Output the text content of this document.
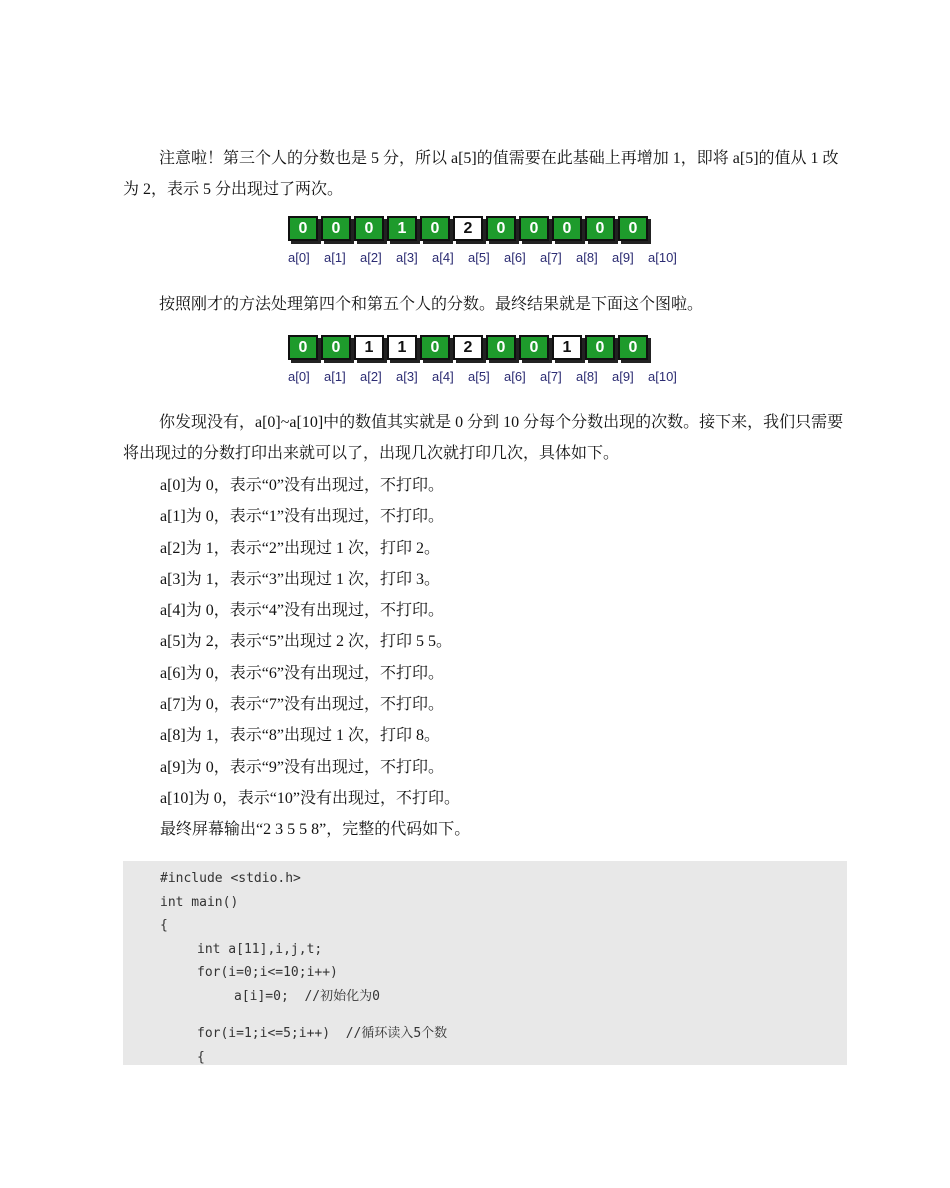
注意啦！第三个人的分数也是 5 分，所以 a[5]的值需要在此基础上再增加 1，即将 a[5]的值从 1 改为 2，表示 5 分出现过了两次。

0	0	0	1	0	2	0	0	0	0	0
a[0]	a[1]	a[2]	a[3]	a[4]	a[5]	a[6]	a[7]	a[8]	a[9]	a[10]

按照刚才的方法处理第四个和第五个人的分数。最终结果就是下面这个图啦。

0	0	1	1	0	2	0	0	1	0	0
a[0]	a[1]	a[2]	a[3]	a[4]	a[5]	a[6]	a[7]	a[8]	a[9]	a[10]

你发现没有，a[0]~a[10]中的数值其实就是 0 分到 10 分每个分数出现的次数。接下来，我们只需要将出现过的分数打印出来就可以了，出现几次就打印几次，具体如下。

a[0]为 0，表示“0”没有出现过，不打印。
a[1]为 0，表示“1”没有出现过，不打印。
a[2]为 1，表示“2”出现过 1 次，打印 2。
a[3]为 1，表示“3”出现过 1 次，打印 3。
a[4]为 0，表示“4”没有出现过，不打印。
a[5]为 2，表示“5”出现过 2 次，打印 5 5。
a[6]为 0，表示“6”没有出现过，不打印。
a[7]为 0，表示“7”没有出现过，不打印。
a[8]为 1，表示“8”出现过 1 次，打印 8。
a[9]为 0，表示“9”没有出现过，不打印。
a[10]为 0，表示“10”没有出现过，不打印。
最终屏幕输出“2 3 5 5 8”，完整的代码如下。
#include <stdio.h>
int main()
{
int a[11],i,j,t;
for(i=0;i<=10;i++)
a[i]=0;  //初始化为0
for(i=1;i<=5;i++)  //循环读入5个数
{
